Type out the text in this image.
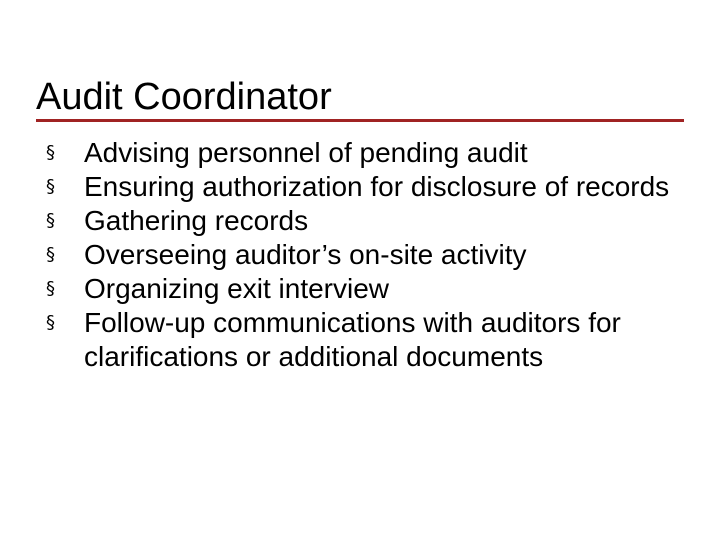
Audit Coordinator
§	Advising personnel of pending audit
§	Ensuring authorization for disclosure of records
§	Gathering records
§	Overseeing auditor’s on-site activity
§	Organizing exit interview
§	Follow-up communications with auditors for clarifications or additional documents
